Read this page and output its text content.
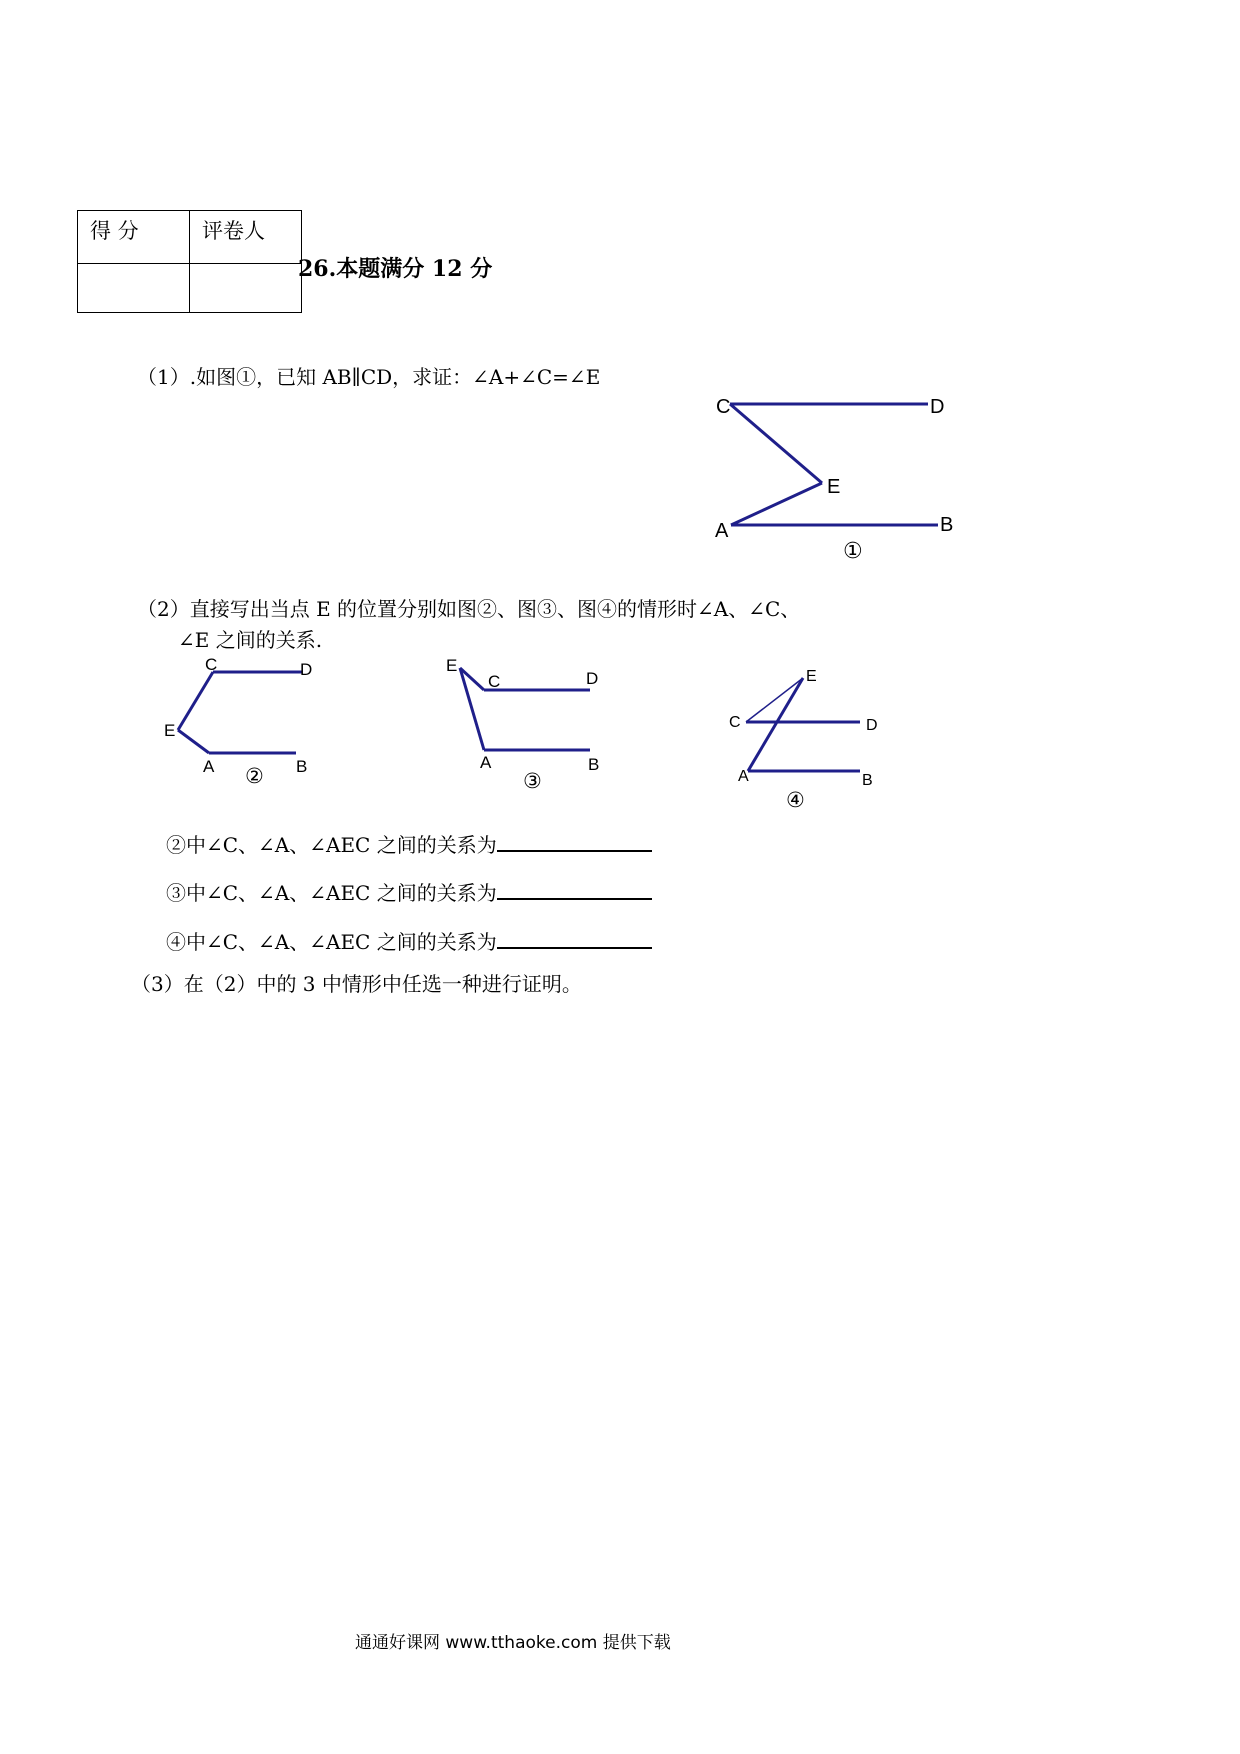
得 分	评卷人

26.本题满分 12 分
（1）.如图①，已知 AB∥CD，求证：∠A+∠C=∠E
C	D
E
A	B
①
C	D
E
A	B
②
E
C	D
A	B
③
E
C	D
A	B
④
（2）直接写出当点 E 的位置分别如图②、图③、图④的情形时∠A、∠C、
∠E 之间的关系.
②中∠C、∠A、∠AEC 之间的关系为
③中∠C、∠A、∠AEC 之间的关系为
④中∠C、∠A、∠AEC 之间的关系为
（3）在（2）中的 3 中情形中任选一种进行证明。
通通好课网 www.tthaoke.com 提供下载
